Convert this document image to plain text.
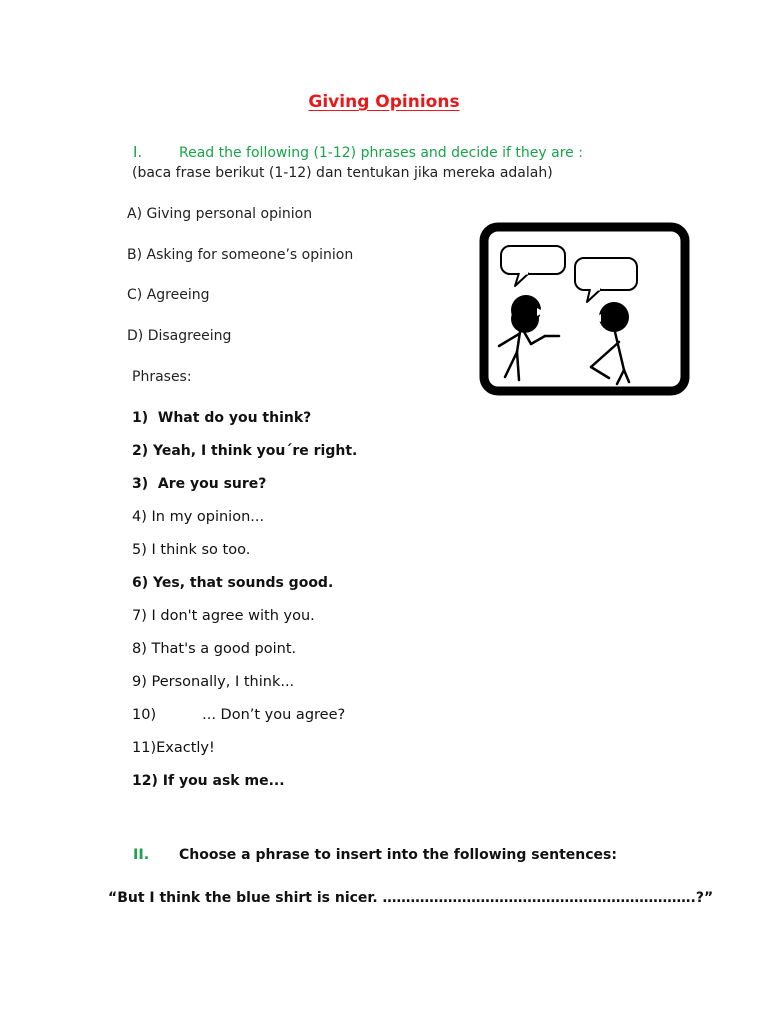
Giving Opinions
I.	Read the following (1-12) phrases and decide if they are :
(baca frase berikut (1-12) dan tentukan jika mereka adalah)
A) Giving personal opinion
B) Asking for someone’s opinion
C) Agreeing
D) Disagreeing
Phrases:
1) What do you think?
2) Yeah, I think you´re right.
3) Are you sure?
4) In my opinion...
5) I think so too.
6) Yes, that sounds good.
7) I don't agree with you.
8) That's a good point.
9) Personally, I think...
10)	... Don’t you agree?
11)Exactly!
12) If you ask me...
II. Choose a phrase to insert into the following sentences:
“But I think the blue shirt is nicer. ………………………………………………………….?”
